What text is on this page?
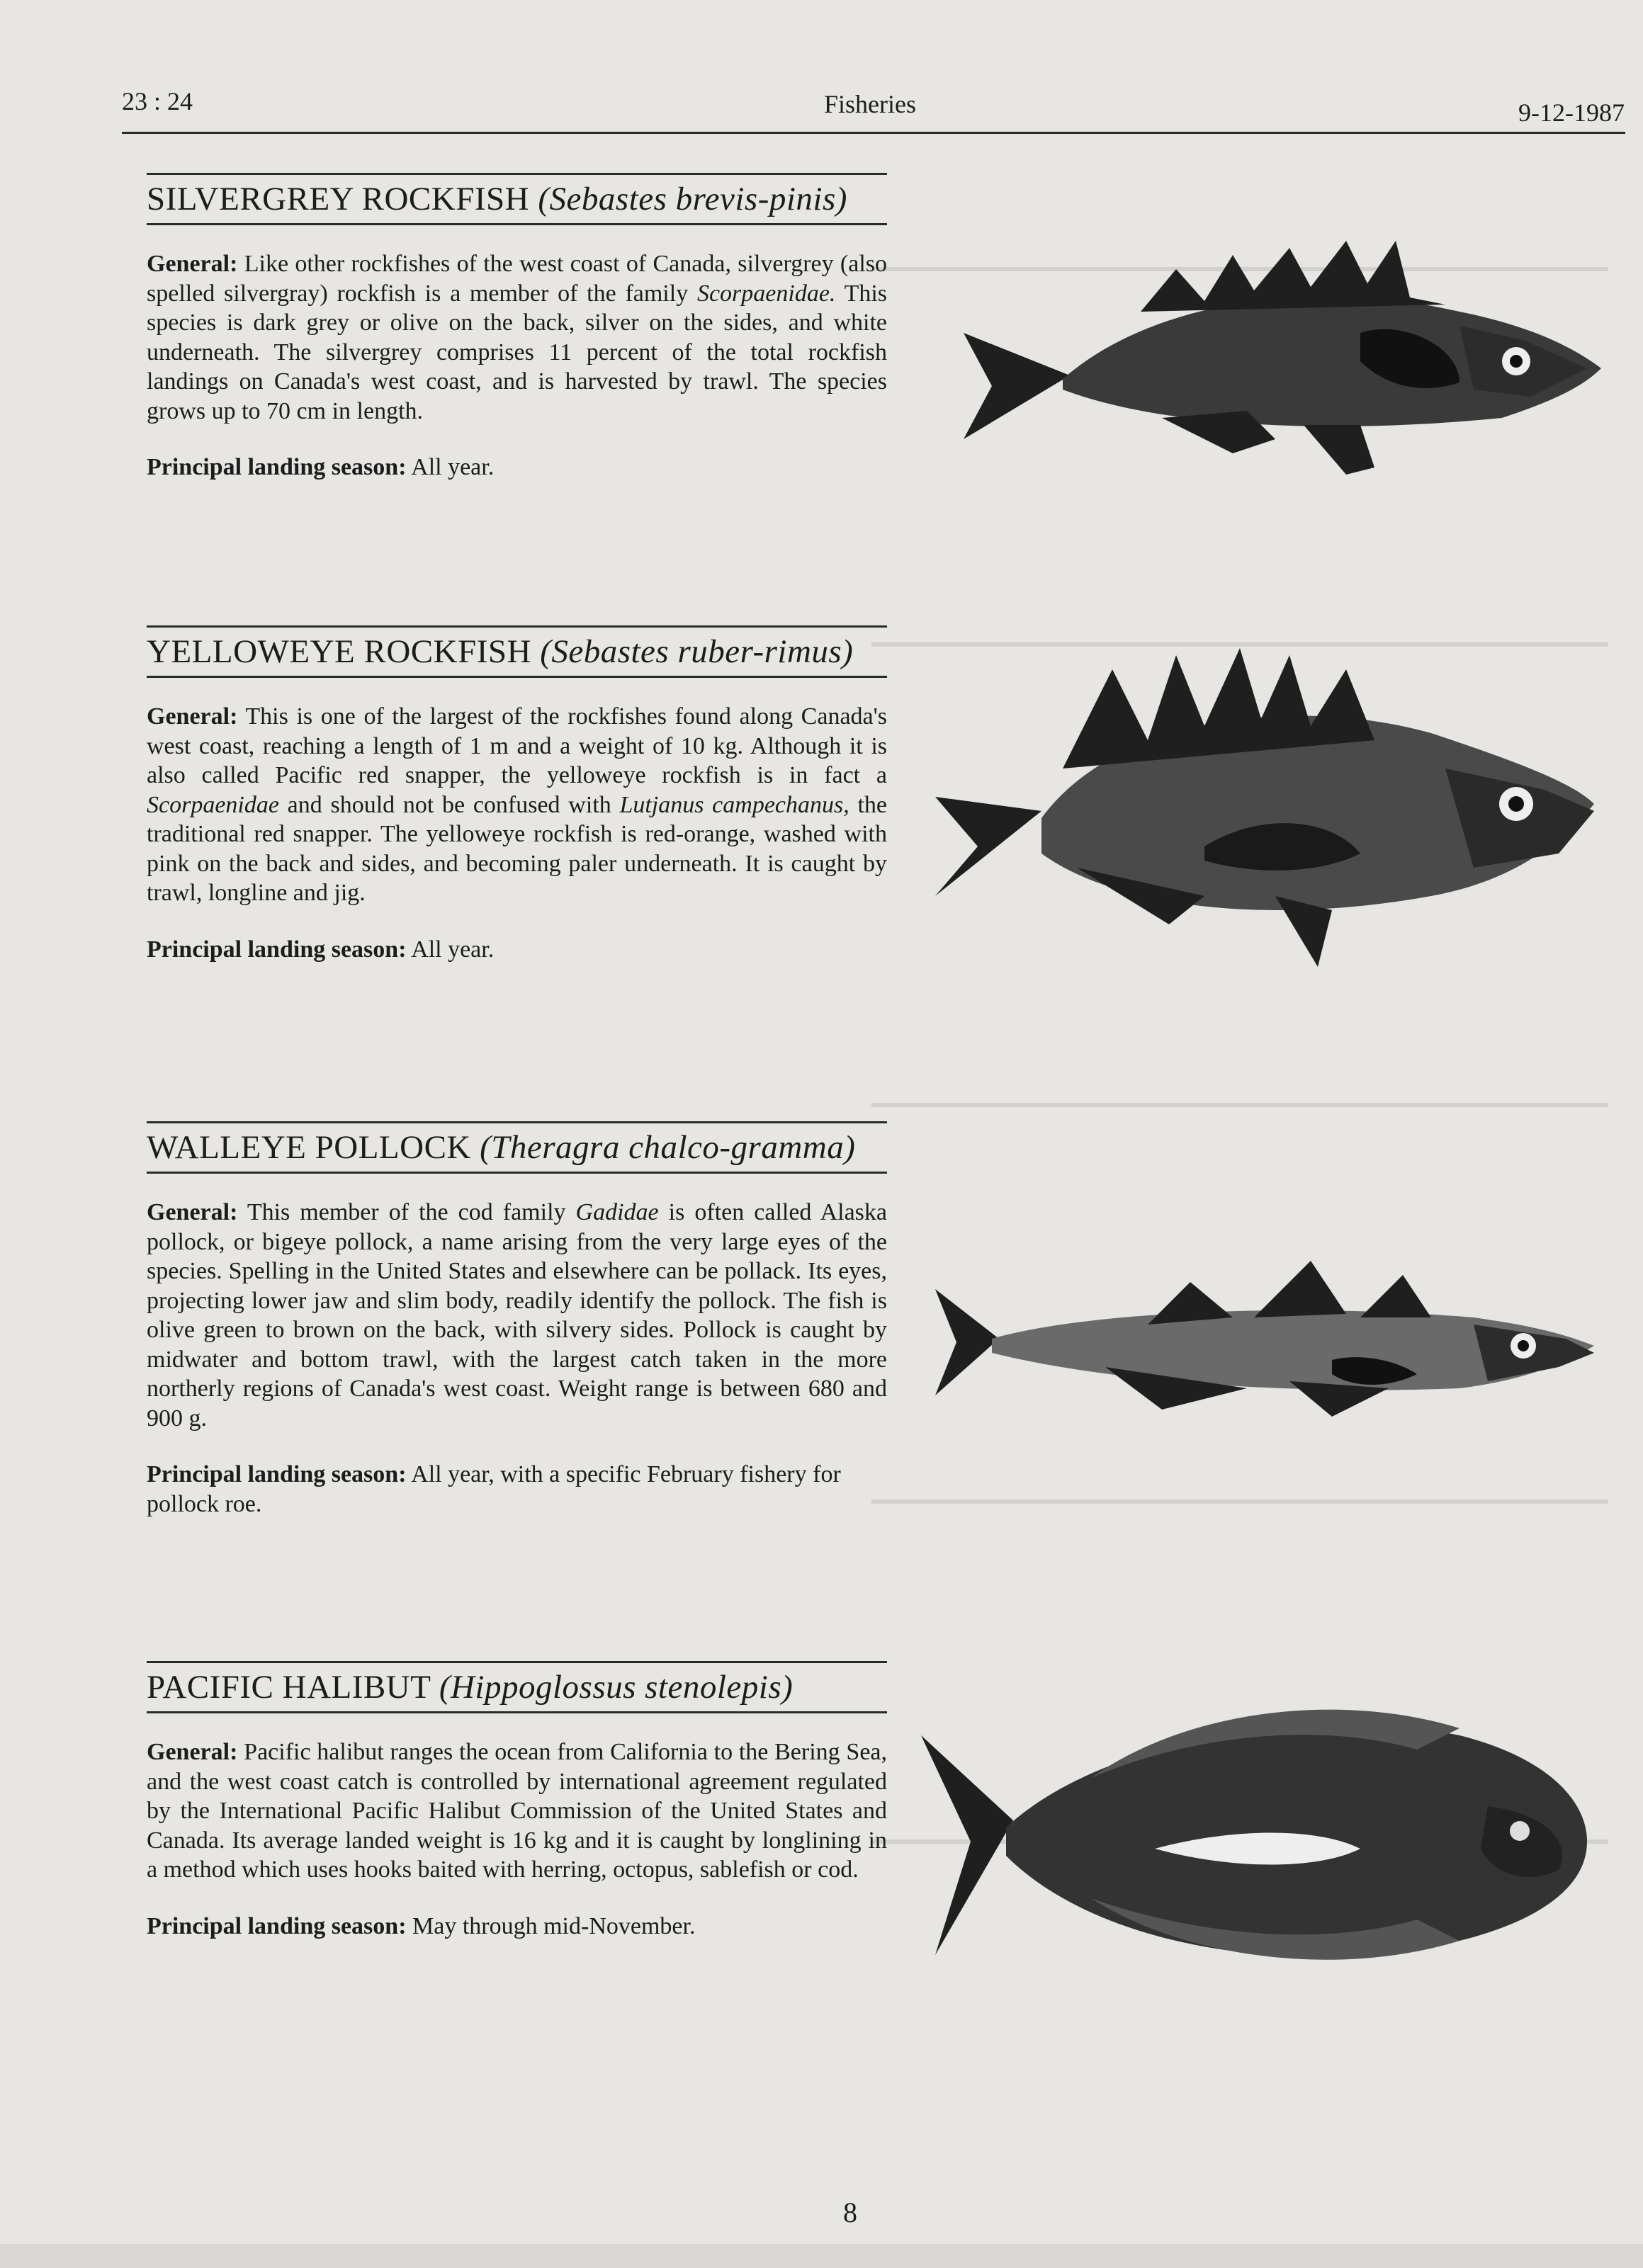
23 : 24	Fisheries	9-12-1987
SILVERGREY ROCKFISH (Sebastes brevis-pinis)
General: Like other rockfishes of the west coast of Canada, silvergrey (also spelled silvergray) rockfish is a member of the family Scorpaenidae. This species is dark grey or olive on the back, silver on the sides, and white underneath. The silvergrey comprises 11 percent of the total rockfish landings on Canada's west coast, and is harvested by trawl. The species grows up to 70 cm in length.
Principal landing season: All year.
YELLOWEYE ROCKFISH (Sebastes ruber-rimus)
General: This is one of the largest of the rockfishes found along Canada's west coast, reaching a length of 1 m and a weight of 10 kg. Although it is also called Pacific red snapper, the yelloweye rockfish is in fact a Scorpaenidae and should not be confused with Lutjanus campechanus, the traditional red snapper. The yelloweye rockfish is red-orange, washed with pink on the back and sides, and becoming paler underneath. It is caught by trawl, longline and jig.
Principal landing season: All year.
WALLEYE POLLOCK (Theragra chalco-gramma)
General: This member of the cod family Gadidae is often called Alaska pollock, or bigeye pollock, a name arising from the very large eyes of the species. Spelling in the United States and elsewhere can be pollack. Its eyes, projecting lower jaw and slim body, readily identify the pollock. The fish is olive green to brown on the back, with silvery sides. Pollock is caught by midwater and bottom trawl, with the largest catch taken in the more northerly regions of Canada's west coast. Weight range is between 680 and 900 g.
Principal landing season: All year, with a specific February fishery for pollock roe.
PACIFIC HALIBUT (Hippoglossus stenolepis)
General: Pacific halibut ranges the ocean from California to the Bering Sea, and the west coast catch is controlled by international agreement regulated by the International Pacific Halibut Commission of the United States and Canada. Its average landed weight is 16 kg and it is caught by longlining in a method which uses hooks baited with herring, octopus, sablefish or cod.
Principal landing season: May through mid-November.
8
